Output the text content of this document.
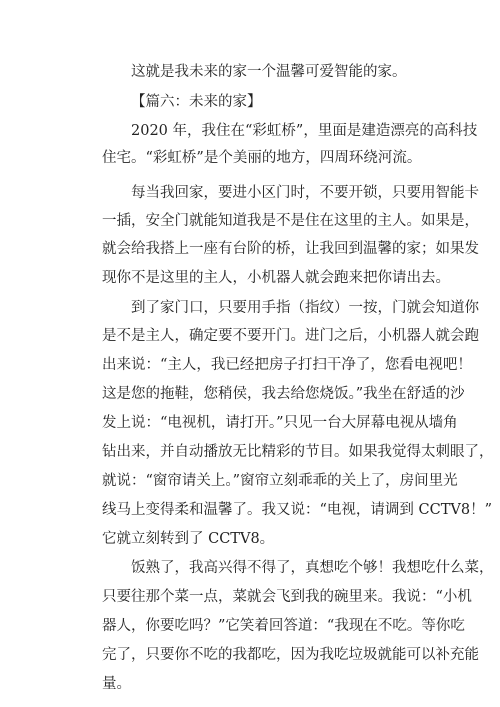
这就是我未来的家一个温馨可爱智能的家。
【篇六：未来的家】
2020 年，我住在“彩虹桥”，里面是建造漂亮的高科技
住宅。“彩虹桥”是个美丽的地方，四周环绕河流。
每当我回家，要进小区门时，不要开锁，只要用智能卡
一插，安全门就能知道我是不是住在这里的主人。如果是，
就会给我搭上一座有台阶的桥，让我回到温馨的家；如果发
现你不是这里的主人，小机器人就会跑来把你请出去。
到了家门口，只要用手指（指纹）一按，门就会知道你
是不是主人，确定要不要开门。进门之后，小机器人就会跑
出来说：“主人，我已经把房子打扫干净了，您看电视吧！
这是您的拖鞋，您稍侯，我去给您烧饭。”我坐在舒适的沙
发上说：“电视机，请打开。”只见一台大屏幕电视从墙角
钻出来，并自动播放无比精彩的节目。如果我觉得太刺眼了，
就说：“窗帘请关上。”窗帘立刻乖乖的关上了，房间里光
线马上变得柔和温馨了。我又说：“电视，请调到 CCTV8！”
它就立刻转到了 CCTV8。
饭熟了，我高兴得不得了，真想吃个够！我想吃什么菜，
只要往那个菜一点，菜就会飞到我的碗里来。我说：“小机
器人，你要吃吗？”它笑着回答道：“我现在不吃。等你吃
完了，只要你不吃的我都吃，因为我吃垃圾就能可以补充能
量。
